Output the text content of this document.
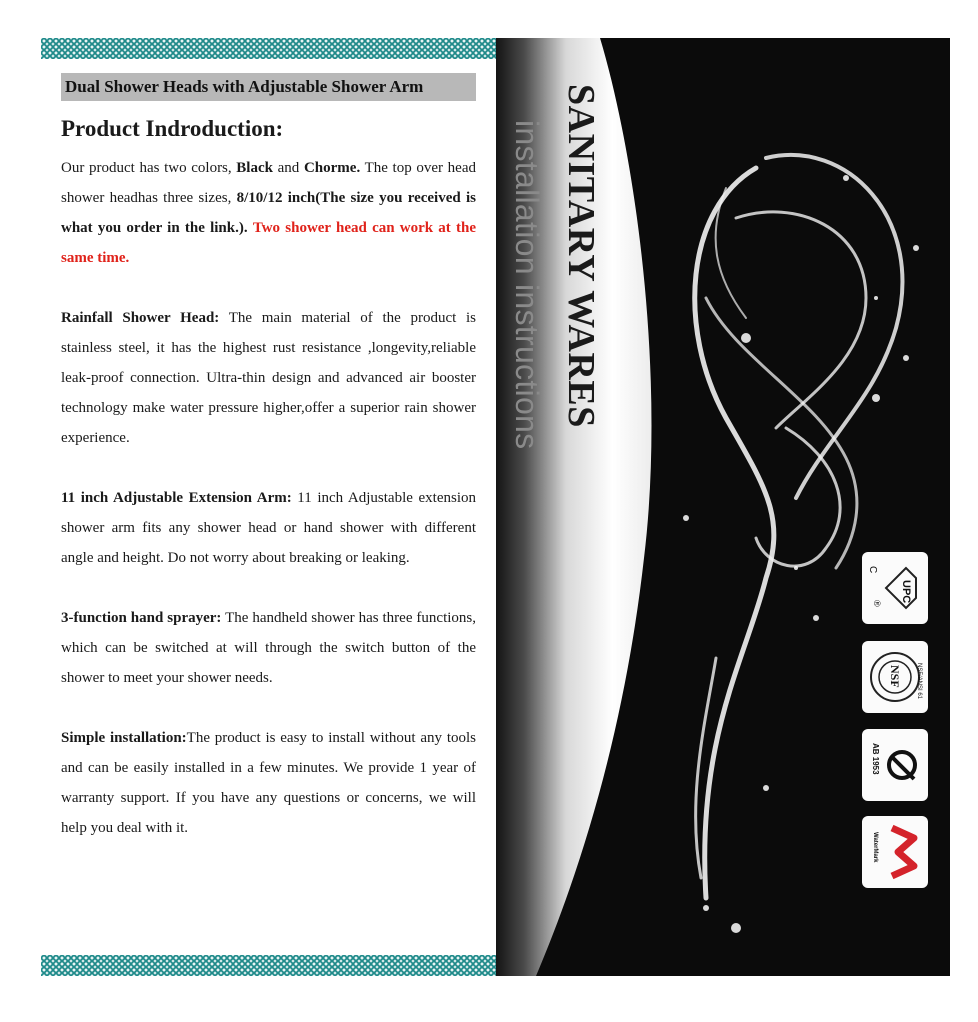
Dual Shower Heads with Adjustable Shower Arm
Product Indroduction:

Our product has two colors, Black and Chorme. The top over head shower headhas three sizes, 8/10/12 inch(The size you received is what you order in the link.). Two shower head can work at the same time.

Rainfall Shower Head: The main material of the product is stainless steel, it has the highest rust resistance ,longevity,reliable leak-proof connection. Ultra-thin design and advanced air booster technology make water pressure higher,offer a superior rain shower experience.

11 inch Adjustable Extension Arm: 11 inch Adjustable extension shower arm fits any shower head or hand shower with different angle and height. Do not worry about breaking or leaking.

3-function hand sprayer: The handheld shower has three functions, which can be switched at will through the switch button of the shower to meet your shower needs.

Simple installation:The product is easy to install without any tools and can be easily installed in a few minutes. We provide 1 year of warranty support. If you have any questions or concerns, we will help you deal with it.

SANITARY WARES
installation instructions
UPC
C
®
NSF NSF/ANSI 61
AB 1953
WaterMark
